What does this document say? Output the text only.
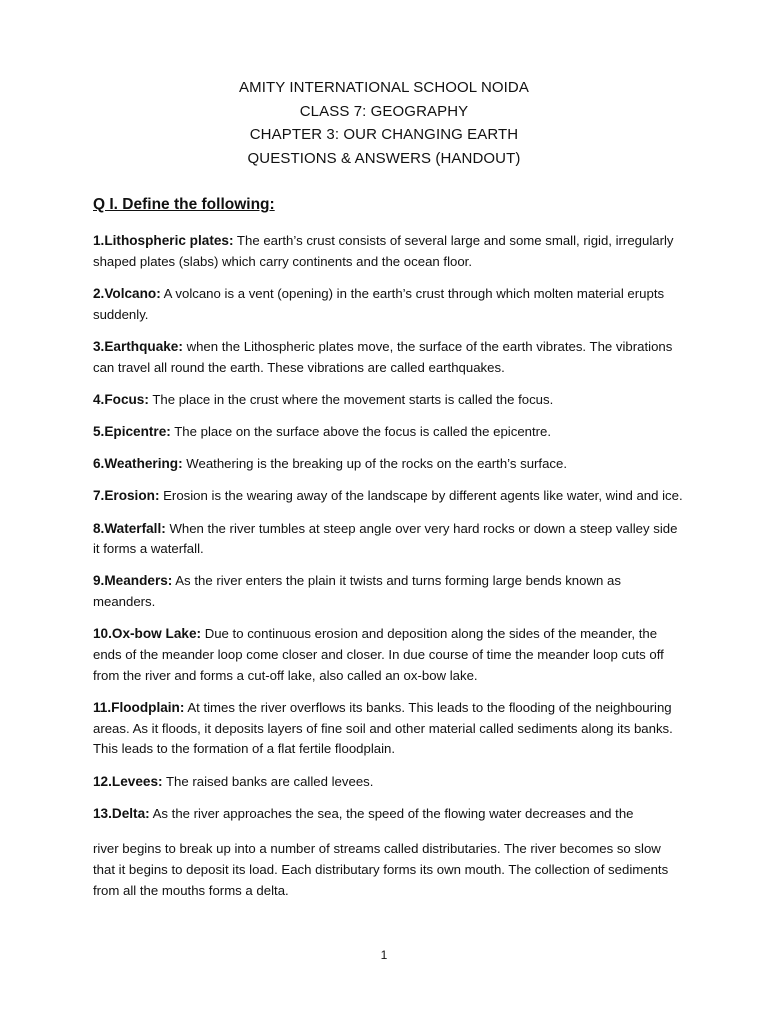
AMITY INTERNATIONAL SCHOOL NOIDA
CLASS 7: GEOGRAPHY
CHAPTER 3: OUR CHANGING EARTH
QUESTIONS & ANSWERS (HANDOUT)
Q I. Define the following:

1.Lithospheric plates: The earth’s crust consists of several large and some small, rigid, irregularly shaped plates (slabs) which carry continents and the ocean floor.

2.Volcano: A volcano is a vent (opening) in the earth’s crust through which molten material erupts suddenly.

3.Earthquake: when the Lithospheric plates move, the surface of the earth vibrates. The vibrations can travel all round the earth. These vibrations are called earthquakes.

4.Focus: The place in the crust where the movement starts is called the focus.

5.Epicentre: The place on the surface above the focus is called the epicentre.

6.Weathering: Weathering is the breaking up of the rocks on the earth’s surface.

7.Erosion: Erosion is the wearing away of the landscape by different agents like water, wind and ice.

8.Waterfall: When the river tumbles at steep angle over very hard rocks or down a steep valley side it forms a waterfall.

9.Meanders: As the river enters the plain it twists and turns forming large bends known as meanders.

10.Ox-bow Lake: Due to continuous erosion and deposition along the sides of the meander, the ends of the meander loop come closer and closer. In due course of time the meander loop cuts off from the river and forms a cut-off lake, also called an ox-bow lake.

11.Floodplain: At times the river overflows its banks. This leads to the flooding of the neighbouring areas. As it floods, it deposits layers of fine soil and other material called sediments along its banks. This leads to the formation of a flat fertile floodplain.

12.Levees: The raised banks are called levees.

13.Delta: As the river approaches the sea, the speed of the flowing water decreases and the
river begins to break up into a number of streams called distributaries. The river becomes so slow that it begins to deposit its load. Each distributary forms its own mouth. The collection of sediments from all the mouths forms a delta.

1
